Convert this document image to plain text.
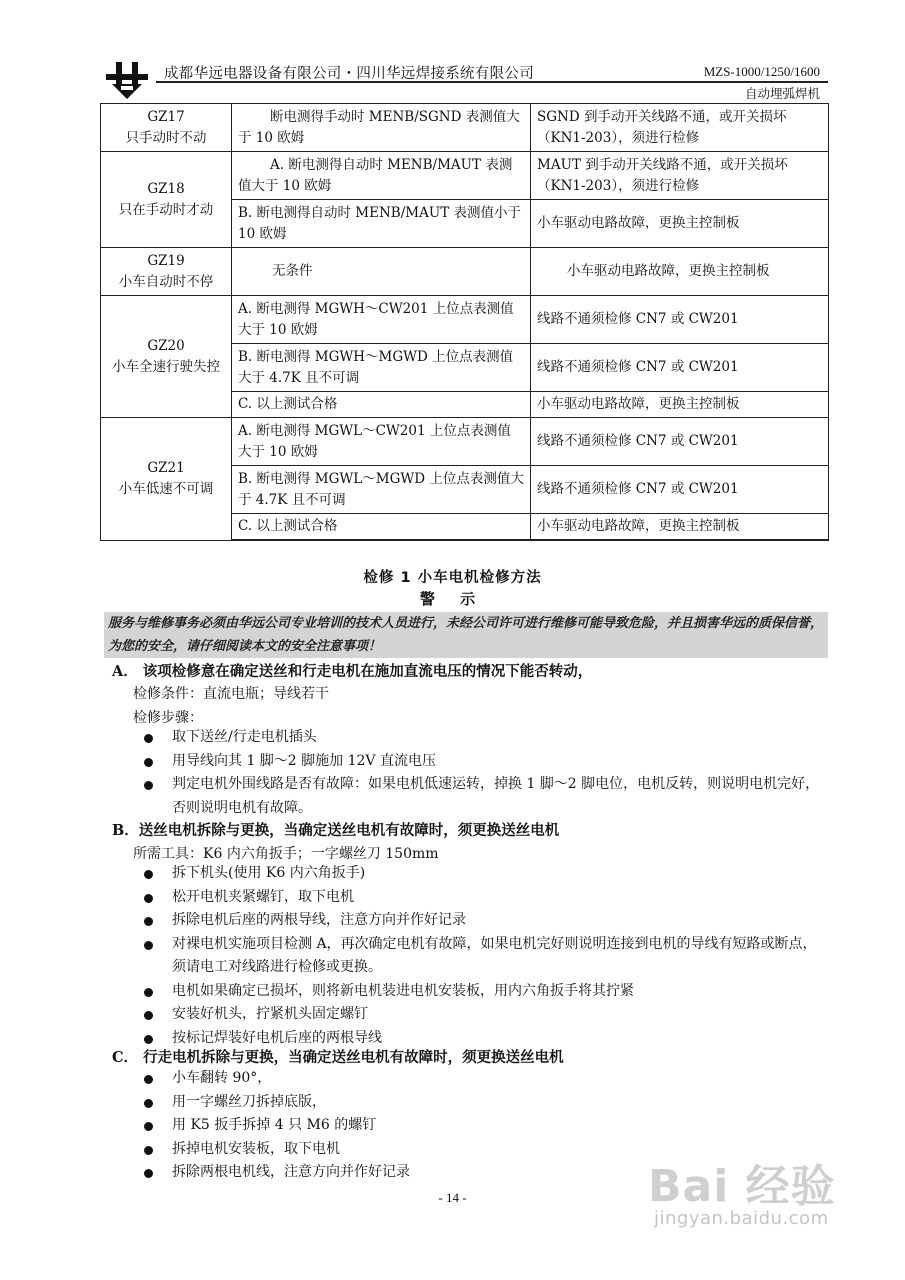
成都华远电器设备有限公司・四川华远焊接系统有限公司	MZS-1000/1250/1600
自动埋弧焊机
GZ17
只手动时不动	断电测得手动时 MENB/SGND 表测值大于 10 欧姆	SGND 到手动开关线路不通，或开关损坏（KN1-203），须进行检修

GZ18
只在手动时才动	A. 断电测得自动时 MENB/MAUT 表测值大于 10 欧姆	MAUT 到手动开关线路不通，或开关损坏（KN1-203），须进行检修
	B. 断电测得自动时 MENB/MAUT 表测值小于 10 欧姆	小车驱动电路故障，更换主控制板

GZ19
小车自动时不停	无条件	小车驱动电路故障，更换主控制板

GZ20
小车全速行驶失控	A. 断电测得 MGWH～CW201 上位点表测值大于 10 欧姆	线路不通须检修 CN7 或 CW201
	B. 断电测得 MGWH～MGWD 上位点表测值大于 4.7K 且不可调	线路不通须检修 CN7 或 CW201
	C. 以上测试合格	小车驱动电路故障，更换主控制板

GZ21
小车低速不可调	A. 断电测得 MGWL～CW201 上位点表测值大于 10 欧姆	线路不通须检修 CN7 或 CW201
	B. 断电测得 MGWL～MGWD 上位点表测值大于 4.7K 且不可调	线路不通须检修 CN7 或 CW201
	C. 以上测试合格	小车驱动电路故障，更换主控制板
检修 1 小车电机检修方法
警 示
服务与维修事务必须由华远公司专业培训的技术人员进行，未经公司许可进行维修可能导致危险，并且损害华远的质保信誉，为您的安全，请仔细阅读本文的安全注意事项！
A． 该项检修意在确定送丝和行走电机在施加直流电压的情况下能否转动，
检修条件：直流电瓶；导线若干
检修步骤：
取下送丝/行走电机插头
用导线向其 1 脚～2 脚施加 12V 直流电压
判定电机外围线路是否有故障：如果电机低速运转，掉换 1 脚～2 脚电位，电机反转，则说明电机完好，否则说明电机有故障。
B．送丝电机拆除与更换，当确定送丝电机有故障时，须更换送丝电机
所需工具：K6 内六角扳手；一字螺丝刀 150mm
拆下机头(使用 K6 内六角扳手)
松开电机夹紧螺钉，取下电机
拆除电机后座的两根导线，注意方向并作好记录
对裸电机实施项目检测 A，再次确定电机有故障，如果电机完好则说明连接到电机的导线有短路或断点，须请电工对线路进行检修或更换。
电机如果确定已损坏，则将新电机装进电机安装板，用内六角扳手将其拧紧
安装好机头，拧紧机头固定螺钉
按标记焊装好电机后座的两根导线
C． 行走电机拆除与更换，当确定送丝电机有故障时，须更换送丝电机
小车翻转 90°，
用一字螺丝刀拆掉底版，
用 K5 扳手拆掉 4 只 M6 的螺钉
拆掉电机安装板，取下电机
拆除两根电机线，注意方向并作好记录
- 14 -	Bai 经验
jingyan.baidu.com
